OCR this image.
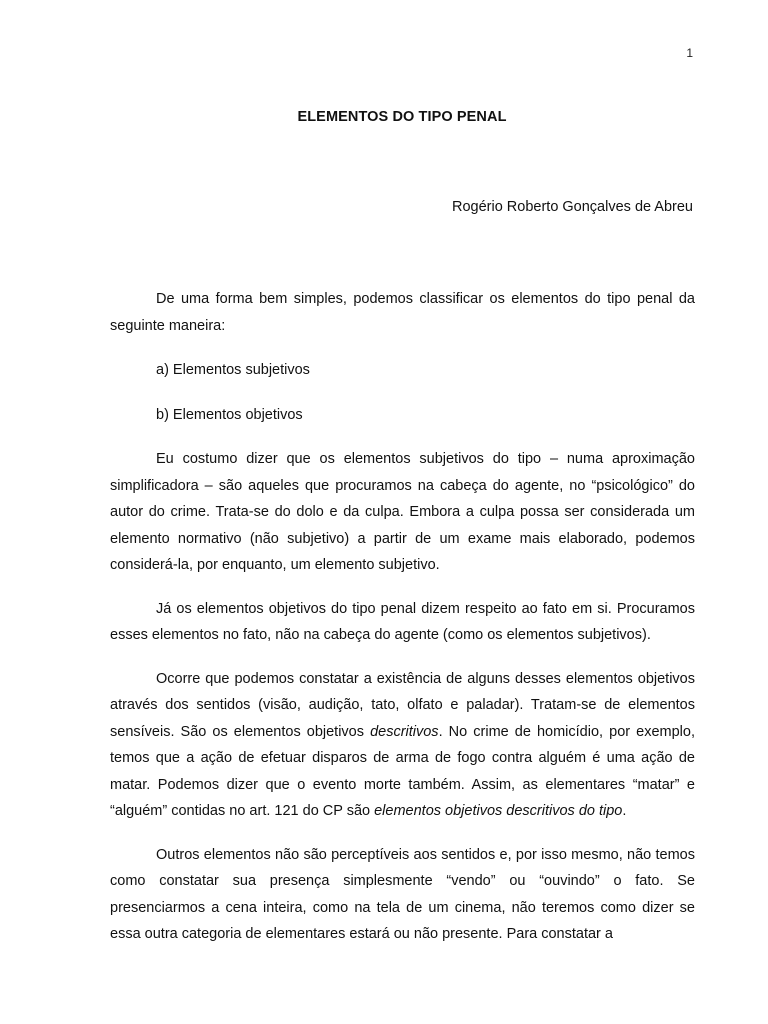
1
ELEMENTOS DO TIPO PENAL
Rogério Roberto Gonçalves de Abreu

De uma forma bem simples, podemos classificar os elementos do tipo penal da seguinte maneira:

a) Elementos subjetivos

b) Elementos objetivos

Eu costumo dizer que os elementos subjetivos do tipo – numa aproximação simplificadora – são aqueles que procuramos na cabeça do agente, no “psicológico” do autor do crime. Trata-se do dolo e da culpa. Embora a culpa possa ser considerada um elemento normativo (não subjetivo) a partir de um exame mais elaborado, podemos considerá-la, por enquanto, um elemento subjetivo.

Já os elementos objetivos do tipo penal dizem respeito ao fato em si. Procuramos esses elementos no fato, não na cabeça do agente (como os elementos subjetivos).

Ocorre que podemos constatar a existência de alguns desses elementos objetivos através dos sentidos (visão, audição, tato, olfato e paladar). Tratam-se de elementos sensíveis. São os elementos objetivos descritivos. No crime de homicídio, por exemplo, temos que a ação de efetuar disparos de arma de fogo contra alguém é uma ação de matar. Podemos dizer que o evento morte também. Assim, as elementares “matar” e “alguém” contidas no art. 121 do CP são elementos objetivos descritivos do tipo.

Outros elementos não são perceptíveis aos sentidos e, por isso mesmo, não temos como constatar sua presença simplesmente “vendo” ou “ouvindo” o fato. Se presenciarmos a cena inteira, como na tela de um cinema, não teremos como dizer se essa outra categoria de elementares estará ou não presente. Para constatar a
